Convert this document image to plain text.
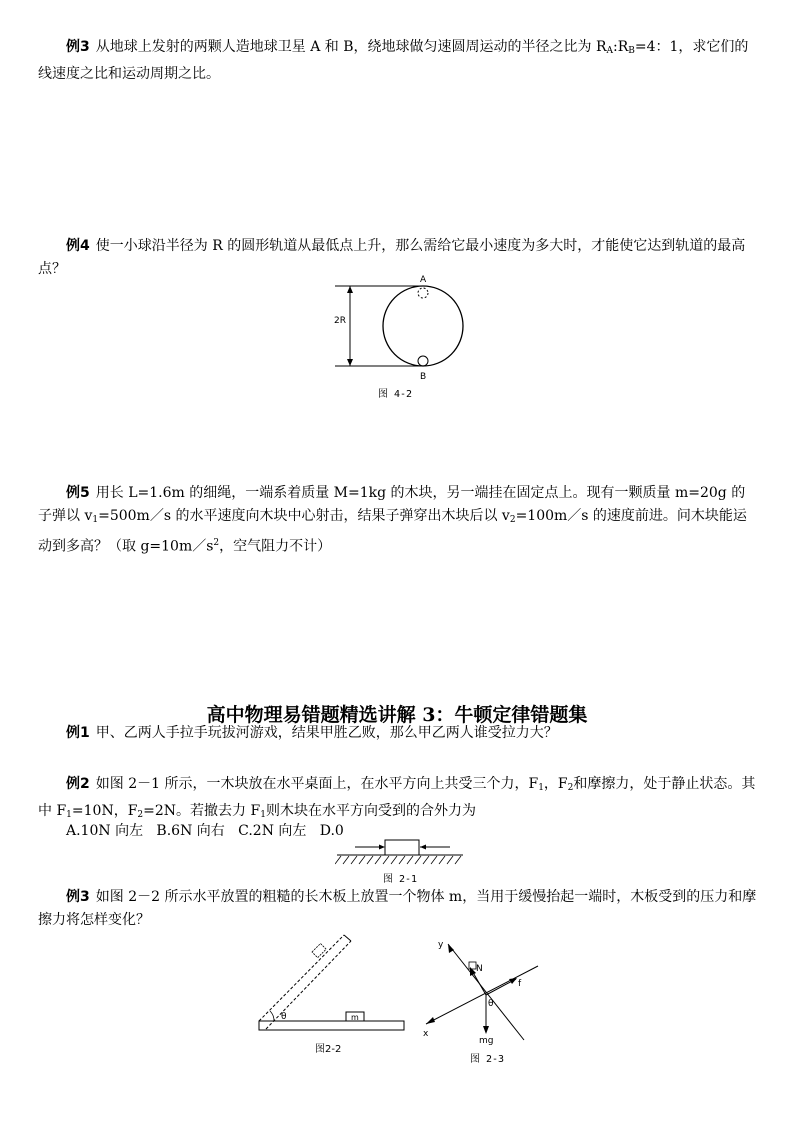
例3 从地球上发射的两颗人造地球卫星 A 和 B，绕地球做匀速圆周运动的半径之比为 $R_A:R_B=4$：1，求它们的线速度之比和运动周期之比。
例4 使一小球沿半径为 R 的圆形轨道从最低点上升，那么需给它最小速度为多大时，才能使它达到轨道的最高点？
2R
A
B
图 4-2
例5 用长 L=1.6m 的细绳，一端系着质量 M=1kg 的木块，另一端挂在固定点上。现有一颗质量 m=20g 的子弹以 $v_1=500m/s$ 的水平速度向木块中心射击，结果子弹穿出木块后以 $v_2=100m/s$ 的速度前进。问木块能运动到多高？（取 $g=10m/s^2$，空气阻力不计）
高中物理易错题精选讲解 3：牛顿定律错题集
例1 甲、乙两人手拉手玩拔河游戏，结果甲胜乙败，那么甲乙两人谁受拉力大？
例2 如图 2－1 所示，一木块放在水平桌面上，在水平方向上共受三个力，$F_1$，$F_2$和摩擦力，处于静止状态。其中 $F_1=10N$，$F_2=2N$。若撤去力 $F_1$则木块在水平方向受到的合外力为
A.10N 向左   B.6N 向右   C.2N 向左   D.0
图 2-1
例3 如图 2－2 所示水平放置的粗糙的长木板上放置一个物体 m，当用于缓慢抬起一端时，木板受到的压力和摩擦力将怎样变化？
θ	m
图2-2
y
x
N
f
θ
mg
图 2-3
